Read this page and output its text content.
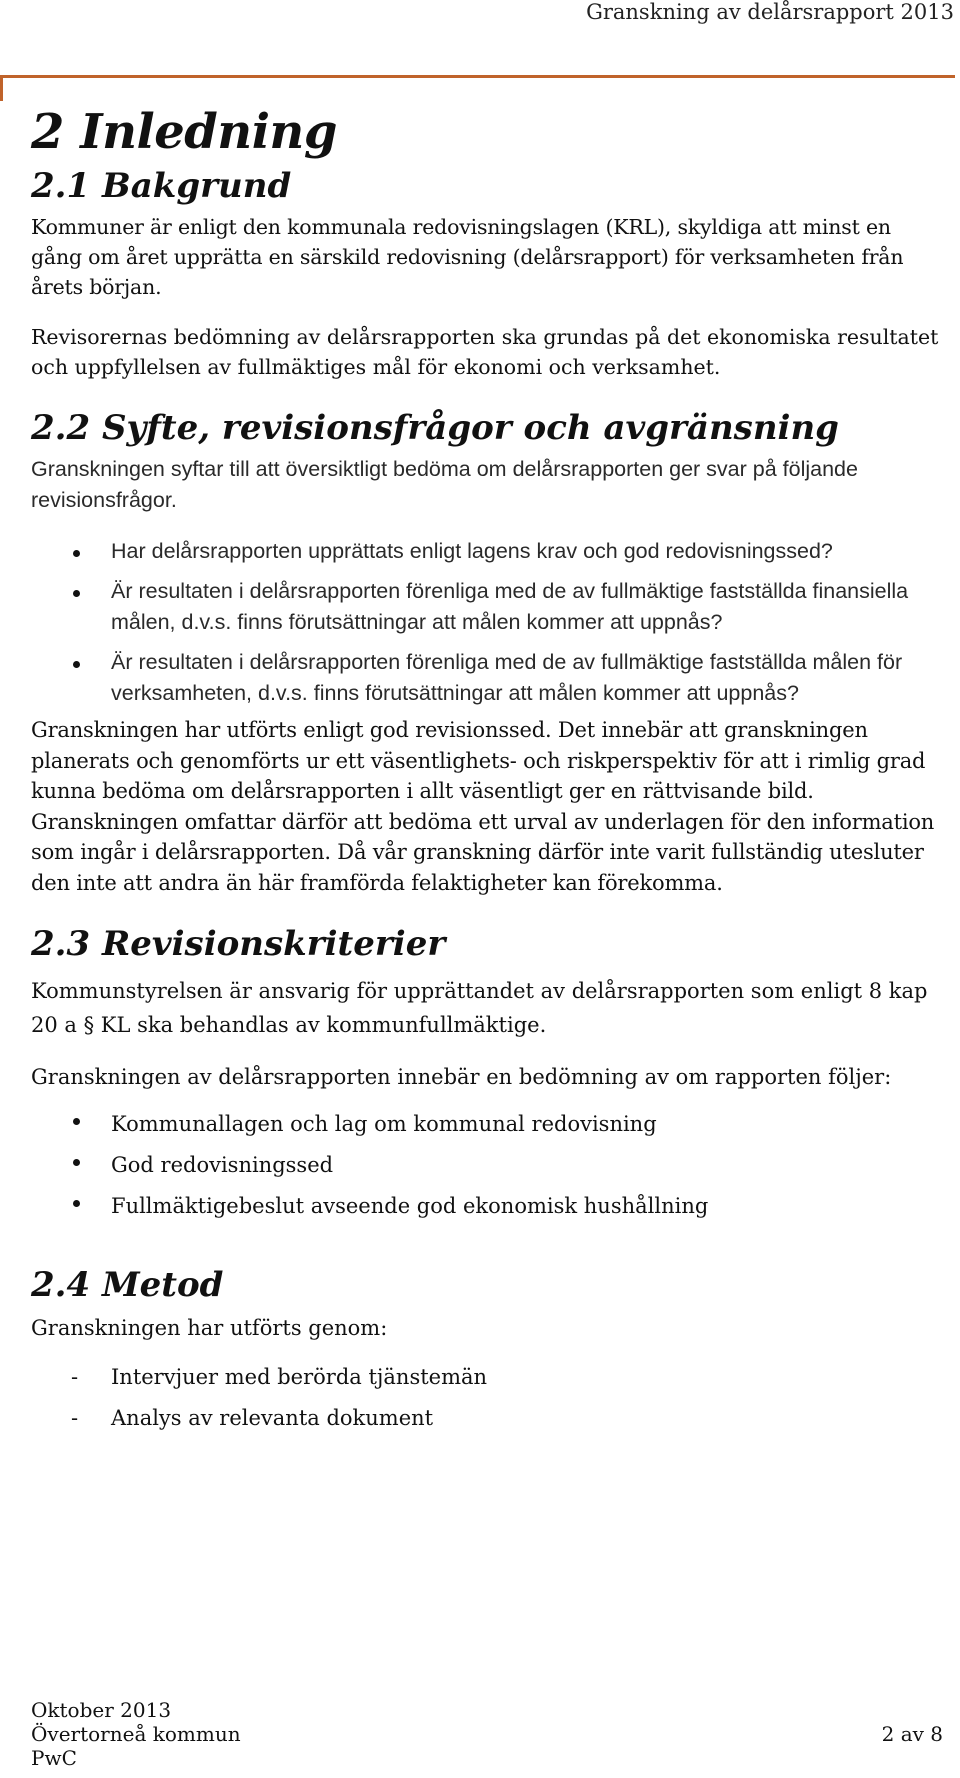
Granskning av delårsrapport 2013
2 Inledning
2.1 Bakgrund

Kommuner är enligt den kommunala redovisningslagen (KRL), skyldiga att minst en gång om året upprätta en särskild redovisning (delårsrapport) för verksamheten från årets början.

Revisorernas bedömning av delårsrapporten ska grundas på det ekonomiska resultatet och uppfyllelsen av fullmäktiges mål för ekonomi och verksamhet.

2.2 Syfte, revisionsfrågor och avgränsning

Granskningen syftar till att översiktligt bedöma om delårsrapporten ger svar på följande revisionsfrågor.

Har delårsrapporten upprättats enligt lagens krav och god redovisningssed?
Är resultaten i delårsrapporten förenliga med de av fullmäktige fastställda finansiella målen, d.v.s. finns förutsättningar att målen kommer att uppnås?
Är resultaten i delårsrapporten förenliga med de av fullmäktige fastställda målen för verksamheten, d.v.s. finns förutsättningar att målen kommer att uppnås?

Granskningen har utförts enligt god revisionssed. Det innebär att granskningen planerats och genomförts ur ett väsentlighets- och riskperspektiv för att i rimlig grad kunna bedöma om delårsrapporten i allt väsentligt ger en rättvisande bild. Granskningen omfattar därför att bedöma ett urval av underlagen för den information som ingår i delårsrapporten. Då vår granskning därför inte varit fullständig utesluter den inte att andra än här framförda felaktigheter kan förekomma.

2.3 Revisionskriterier

Kommunstyrelsen är ansvarig för upprättandet av delårsrapporten som enligt 8 kap 20 a § KL ska behandlas av kommunfullmäktige.

Granskningen av delårsrapporten innebär en bedömning av om rapporten följer:

Kommunallagen och lag om kommunal redovisning
God redovisningssed
Fullmäktigebeslut avseende god ekonomisk hushållning
2.4 Metod

Granskningen har utförts genom:

- Intervjuer med berörda tjänstemän
- Analys av relevanta dokument
Oktober 2013
Övertorneå kommun
PwC
2 av 8
